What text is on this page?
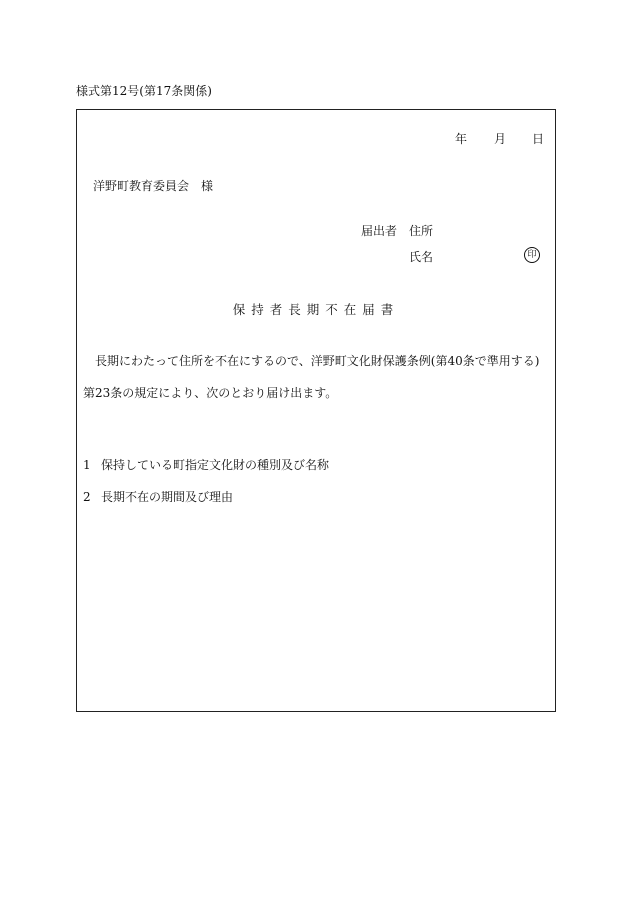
様式第12号(第17条関係)
年 月 日
洋野町教育委員会 様
届出者 住所
氏名	印
保持者長期不在届書
長期にわたって住所を不在にするので、洋野町文化財保護条例(第40条で準用する)第23条の規定により、次のとおり届け出ます。
1 保持している町指定文化財の種別及び名称
2 長期不在の期間及び理由
